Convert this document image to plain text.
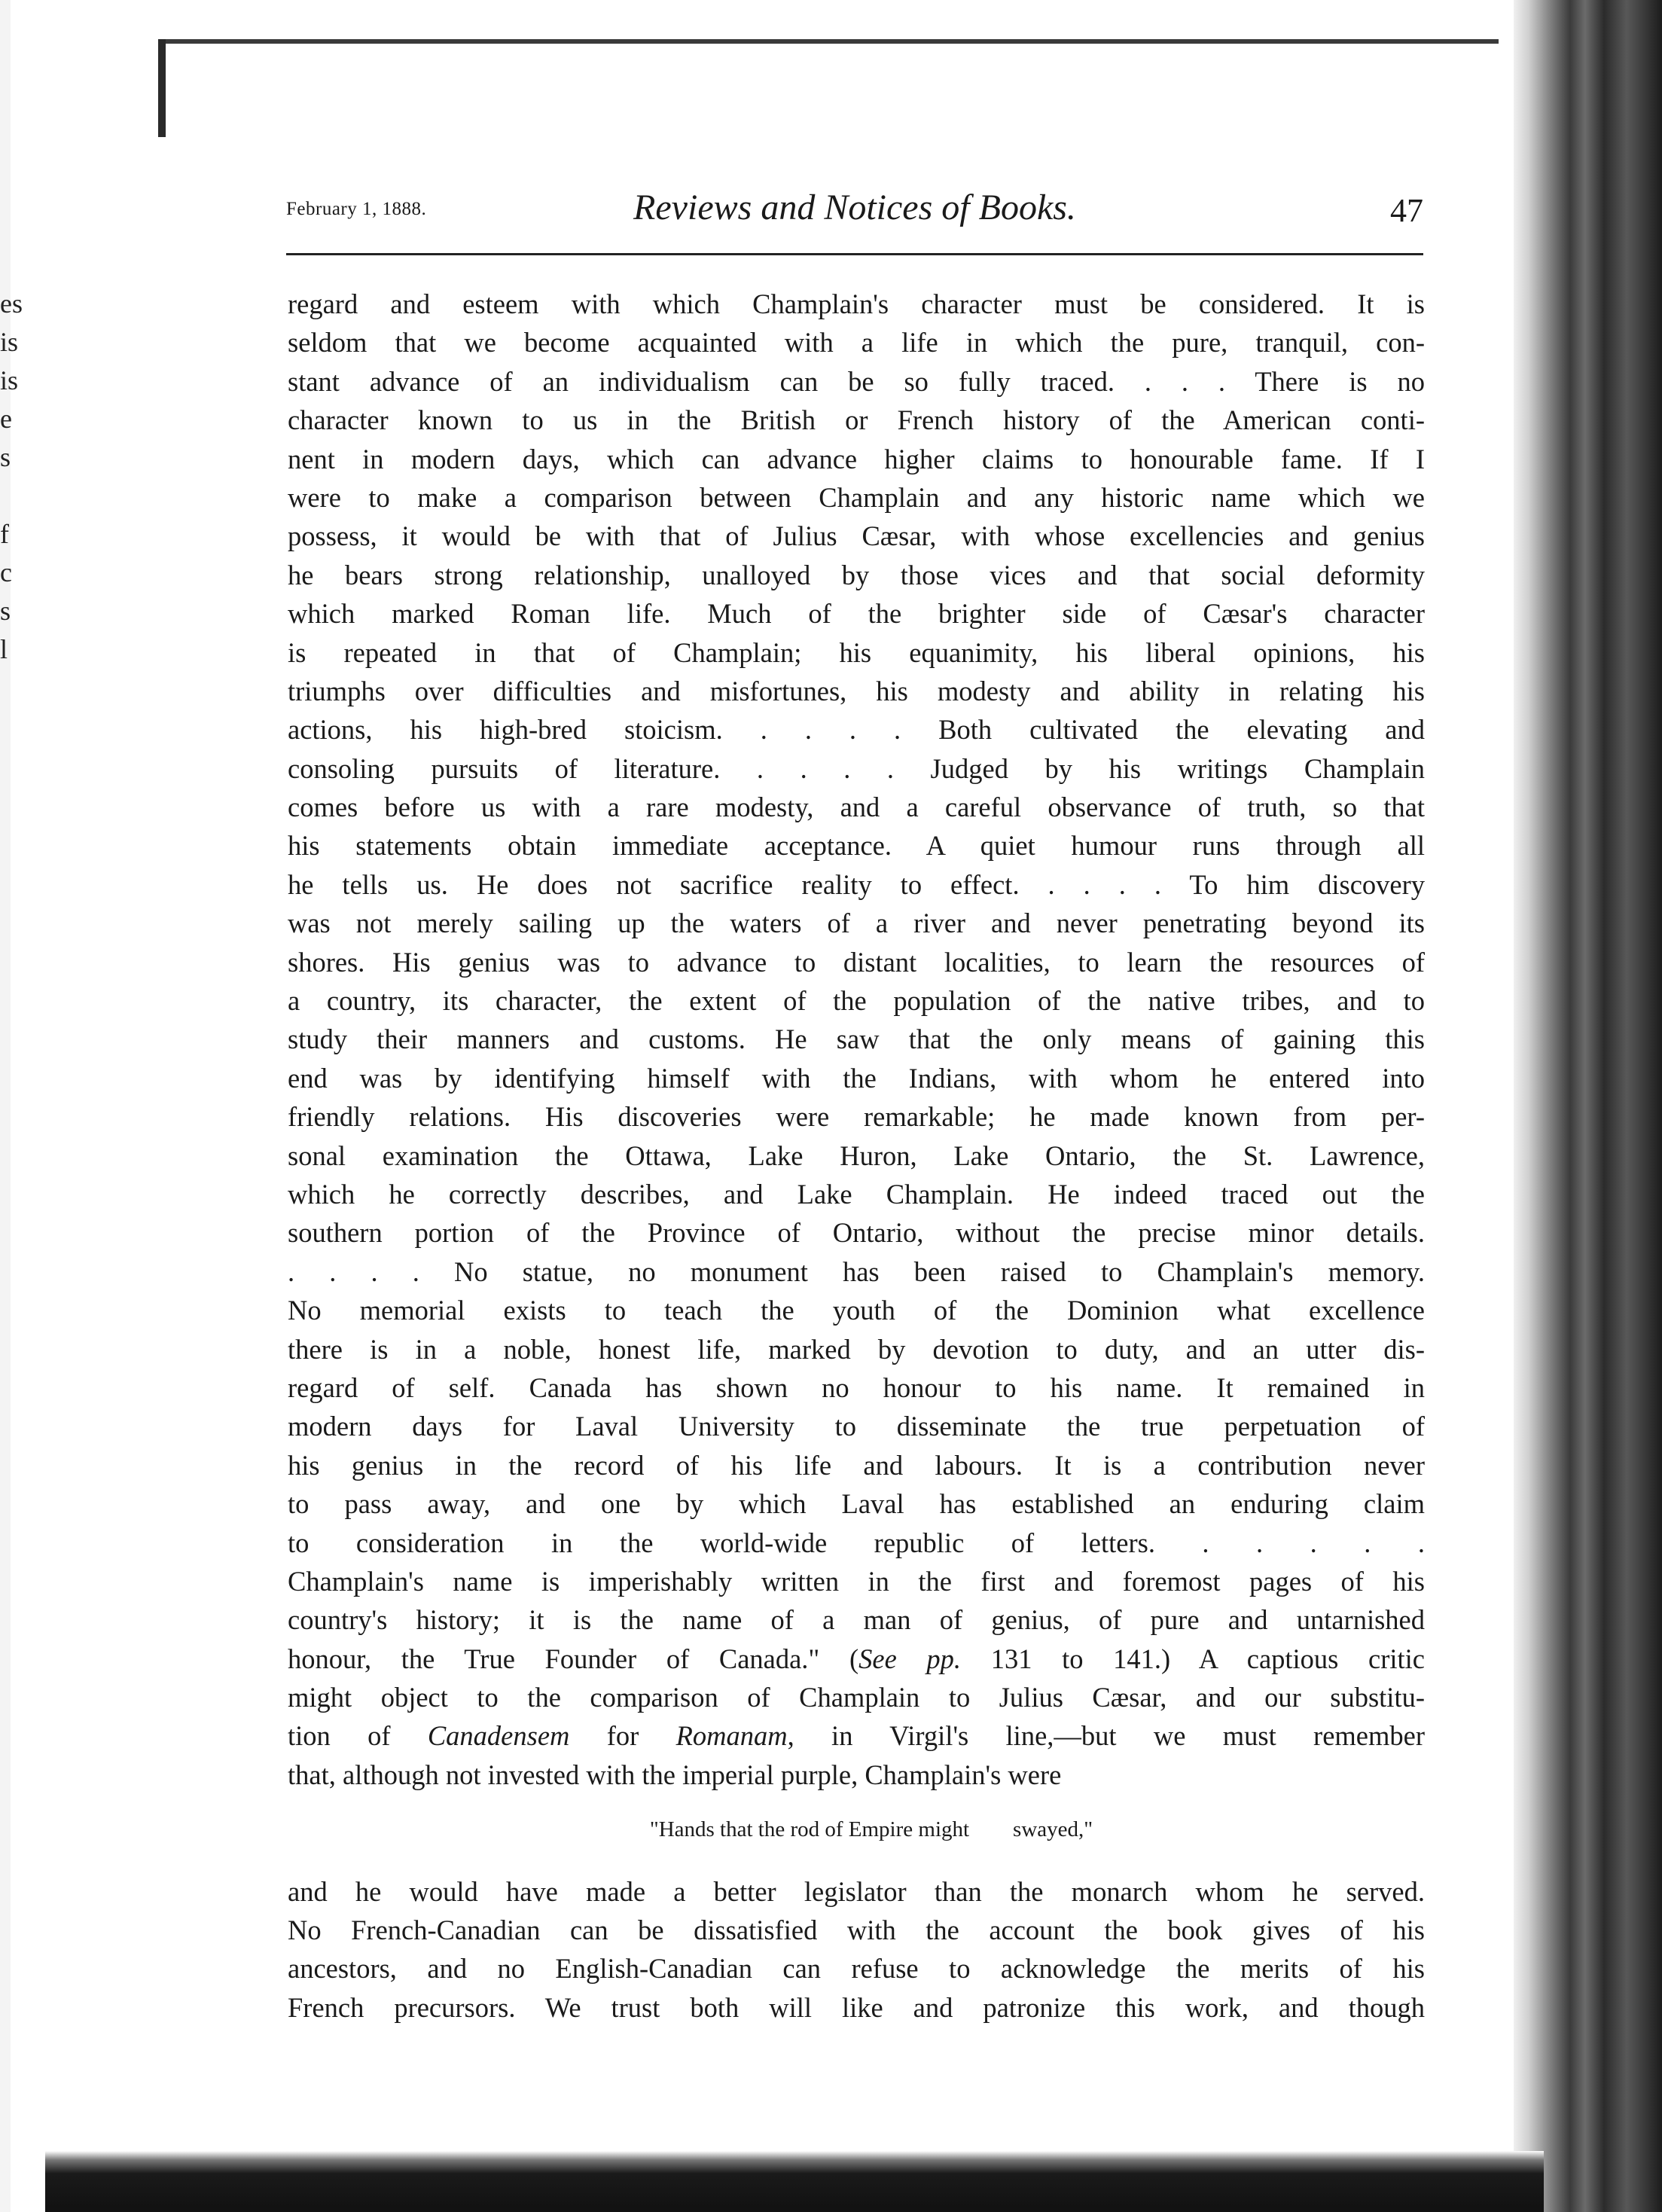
es
is
is
e
s
f
c
s
l
February 1, 1888.	Reviews and Notices of Books.	47
regard and esteem with which Champlain's character must be considered. It is
seldom that we become acquainted with a life in which the pure, tranquil, con-
stant advance of an individualism can be so fully traced. . . . There is no
character known to us in the British or French history of the American conti-
nent in modern days, which can advance higher claims to honourable fame. If I
were to make a comparison between Champlain and any historic name which we
possess, it would be with that of Julius Cæsar, with whose excellencies and genius
he bears strong relationship, unalloyed by those vices and that social deformity
which marked Roman life. Much of the brighter side of Cæsar's character
is repeated in that of Champlain; his equanimity, his liberal opinions, his
triumphs over difficulties and misfortunes, his modesty and ability in relating his
actions, his high-bred stoicism. . . . . Both cultivated the elevating and
consoling pursuits of literature. . . . . Judged by his writings Champlain
comes before us with a rare modesty, and a careful observance of truth, so that
his statements obtain immediate acceptance. A quiet humour runs through all
he tells us. He does not sacrifice reality to effect. . . . . To him discovery
was not merely sailing up the waters of a river and never penetrating beyond its
shores. His genius was to advance to distant localities, to learn the resources of
a country, its character, the extent of the population of the native tribes, and to
study their manners and customs. He saw that the only means of gaining this
end was by identifying himself with the Indians, with whom he entered into
friendly relations. His discoveries were remarkable; he made known from per-
sonal examination the Ottawa, Lake Huron, Lake Ontario, the St. Lawrence,
which he correctly describes, and Lake Champlain. He indeed traced out the
southern portion of the Province of Ontario, without the precise minor details.
. . . . No statue, no monument has been raised to Champlain's memory.
No memorial exists to teach the youth of the Dominion what excellence
there is in a noble, honest life, marked by devotion to duty, and an utter dis-
regard of self. Canada has shown no honour to his name. It remained in
modern days for Laval University to disseminate the true perpetuation of
his genius in the record of his life and labours. It is a contribution never
to pass away, and one by which Laval has established an enduring claim
to consideration in the world-wide republic of letters. . . . . .
Champlain's name is imperishably written in the first and foremost pages of his
country's history; it is the name of a man of genius, of pure and untarnished
honour, the True Founder of Canada." (See pp. 131 to 141.) A captious critic
might object to the comparison of Champlain to Julius Cæsar, and our substitu-
tion of Canadensem for Romanam, in Virgil's line,—but we must remember
that, although not invested with the imperial purple, Champlain's were
"Hands that the rod of Empire might        swayed,"
and he would have made a better legislator than the monarch whom he served.
No French-Canadian can be dissatisfied with the account the book gives of his
ancestors, and no English-Canadian can refuse to acknowledge the merits of his
French precursors. We trust both will like and patronize this work, and though
